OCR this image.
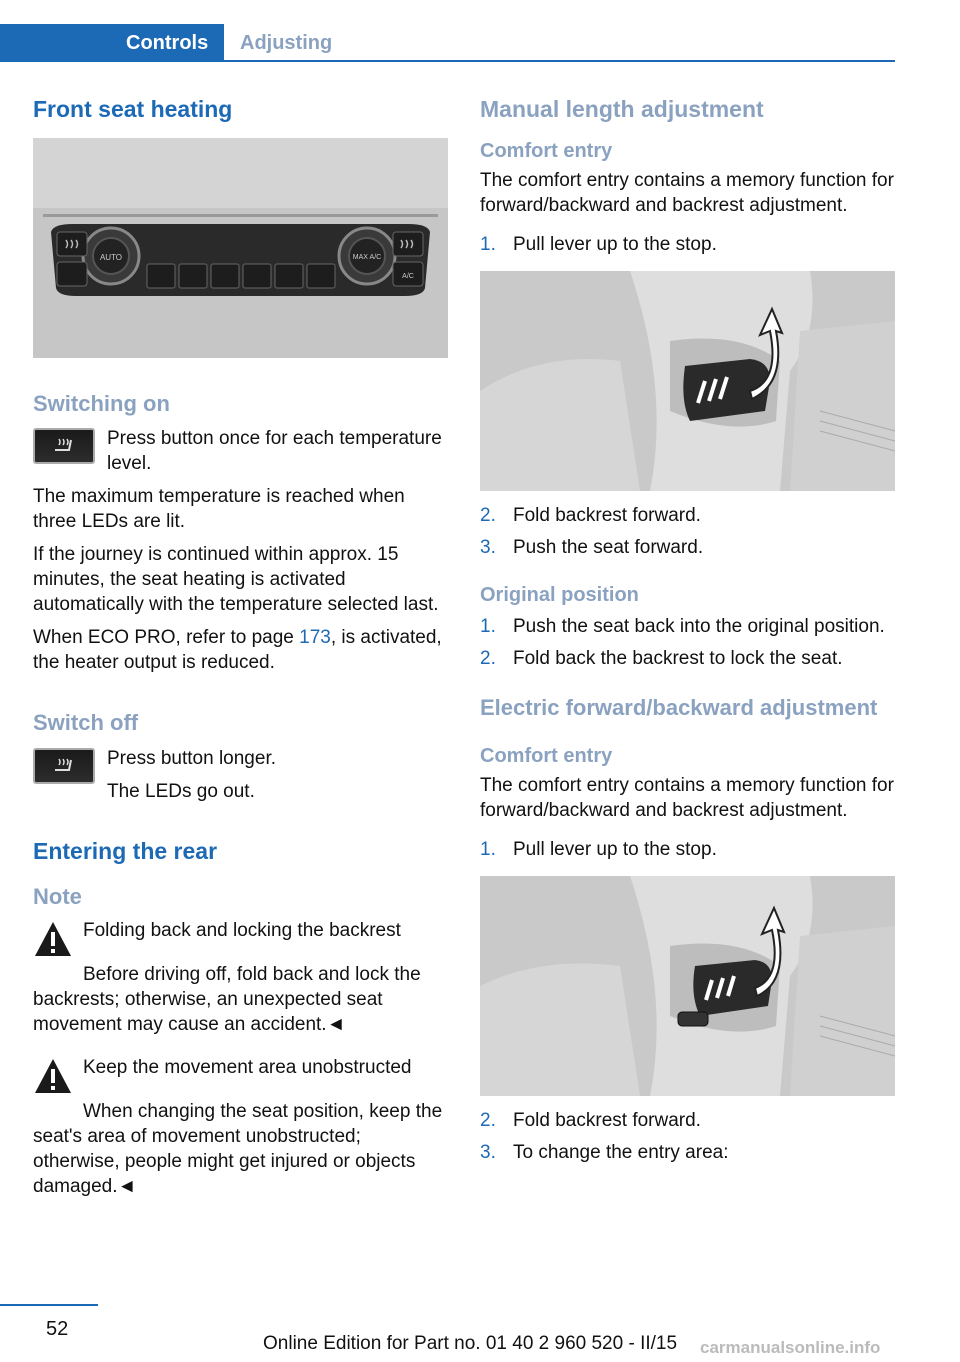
Controls	Adjusting
Front seat heating
AUTO	MAX A/C
A/C
Switching on

Press button once for each temperature level.

The maximum temperature is reached when three LEDs are lit.

If the journey is continued within approx. 15 minutes, the seat heating is activated automatically with the temperature selected last.

When ECO PRO, refer to page 173, is activated, the heater output is reduced.

Switch off

Press button longer.

The LEDs go out.

Entering the rear
Note

Folding back and locking the backrest

Before driving off, fold back and lock the backrests; otherwise, an unexpected seat movement may cause an accident.◄

Keep the movement area unobstructed

When changing the seat position, keep the seat's area of movement unobstructed; otherwise, people might get injured or objects damaged.◄

Manual length adjustment
Comfort entry

The comfort entry contains a memory function for forward/backward and backrest adjustment.

1. Pull lever up to the stop.
2. Fold backrest forward.
3. Push the seat forward.
Original position
1. Push the seat back into the original position.
2. Fold back the backrest to lock the seat.
Electric forward/backward adjustment
Comfort entry

The comfort entry contains a memory function for forward/backward and backrest adjustment.

1. Pull lever up to the stop.
2. Fold backrest forward.
3. To change the entry area:
52
Online Edition for Part no. 01 40 2 960 520 - II/15 carmanualsonline.info
